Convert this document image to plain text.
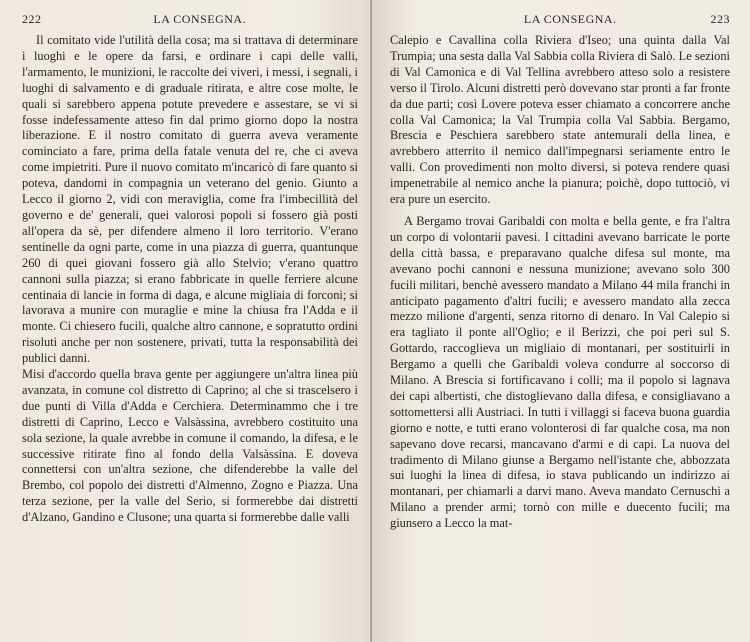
222	LA CONSEGNA.

Il comitato vide l'utilità della cosa; ma si trattava di determinare i luoghi e le opere da farsi, e ordinare i capi delle valli, l'armamento, le munizioni, le raccolte dei viveri, i messi, i segnali, i luoghi di salvamento e di graduale ritirata, e altre cose molte, le quali si sarebbero appena potute prevedere e assestare, se vi si fosse indefessamente atteso fin dal primo giorno dopo la nostra liberazione. E il nostro comitato di guerra aveva veramente cominciato a fare, prima della fatale venuta del re, che ci aveva come impietriti. Pure il nuovo comitato m'incaricò di fare quanto si poteva, dandomi in compagnia un veterano del genio. Giunto a Lecco il giorno 2, vidi con meraviglia, come fra l'imbecillità del governo e de' generali, quei valorosi popoli si fossero già posti all'opera da sè, per difendere almeno il loro territorio. V'erano sentinelle da ogni parte, come in una piazza di guerra, quantunque 260 di quei giovani fossero già allo Stelvio; v'erano quattro cannoni sulla piazza; si erano fabbricate in quelle ferriere alcune centinaia di lancie in forma di daga, e alcune migliaia di forconi; si lavorava a munire con muraglie e mine la chiusa fra l'Adda e il monte. Ci chiesero fucili, qualche altro cannone, e sopratutto ordini risoluti anche per non sostenere, privati, tutta la responsabilità dei publici danni.

Misi d'accordo quella brava gente per aggiungere un'altra linea più avanzata, in comune col distretto di Caprino; al che si trascelsero i due punti di Villa d'Adda e Cerchiera. Determinammo che i tre distretti di Caprino, Lecco e Valsàssina, avrebbero costituito una sola sezione, la quale avrebbe in comune il comando, la difesa, e le successive ritirate fino al fondo della Valsàssina. E doveva connettersi con un'altra sezione, che difenderebbe la valle del Brembo, col popolo dei distretti d'Almenno, Zogno e Piazza. Una terza sezione, per la valle del Serio, si formerebbe dai distretti d'Alzano, Gandino e Clusone; una quarta si formerebbe dalle valli

LA CONSEGNA.	223

Calepio e Cavallina colla Riviera d'Iseo; una quinta dalla Val Trumpia; una sesta dalla Val Sabbia colla Riviera di Salò. Le sezioni di Val Camonica e di Val Tellina avrebbero atteso solo a resistere verso il Tirolo. Alcuni distretti però dovevano star pronti a far fronte da due parti; così Lovere poteva esser chiamato a concorrere anche colla Val Camonica; la Val Trumpia colla Val Sabbia. Bergamo, Brescia e Peschiera sarebbero state antemurali della linea, e avrebbero atterrito il nemico dall'impegnarsi seriamente entro le valli. Con provedimenti non molto diversi, si poteva rendere quasi impenetrabile al nemico anche la pianura; poichè, dopo tuttociò, vi era pure un esercito.

A Bergamo trovai Garibaldi con molta e bella gente, e fra l'altra un corpo di volontarii pavesi. I cittadini avevano barricate le porte della città bassa, e preparavano qualche difesa sul monte, ma avevano pochi cannoni e nessuna munizione; avevano solo 300 fucili militari, benchè avessero mandato a Milano 44 mila franchi in anticipato pagamento d'altri fucili; e avessero mandato alla zecca mezzo milione d'argenti, senza ritorno di denaro. In Val Calepio si era tagliato il ponte all'Oglio; e il Berizzi, che poi perì sul S. Gottardo, raccoglieva un migliaio di montanari, per sostituirli in Bergamo a quelli che Garibaldi voleva condurre al soccorso di Milano. A Brescia si fortificavano i colli; ma il popolo si lagnava dei capi albertisti, che distoglievano dalla difesa, e consigliavano a sottomettersi alli Austriaci. In tutti i villaggi si faceva buona guardia giorno e notte, e tutti erano volonterosi di far qualche cosa, ma non sapevano dove recarsi, mancavano d'armi e di capi. La nuova del tradimento di Milano giunse a Bergamo nell'istante che, abbozzata sui luoghi la linea di difesa, io stava publicando un indirizzo ai montanari, per chiamarli a darvi mano. Aveva mandato Cernuschi a Milano a prender armi; tornò con mille e duecento fucili; ma giunsero a Lecco la mat-
